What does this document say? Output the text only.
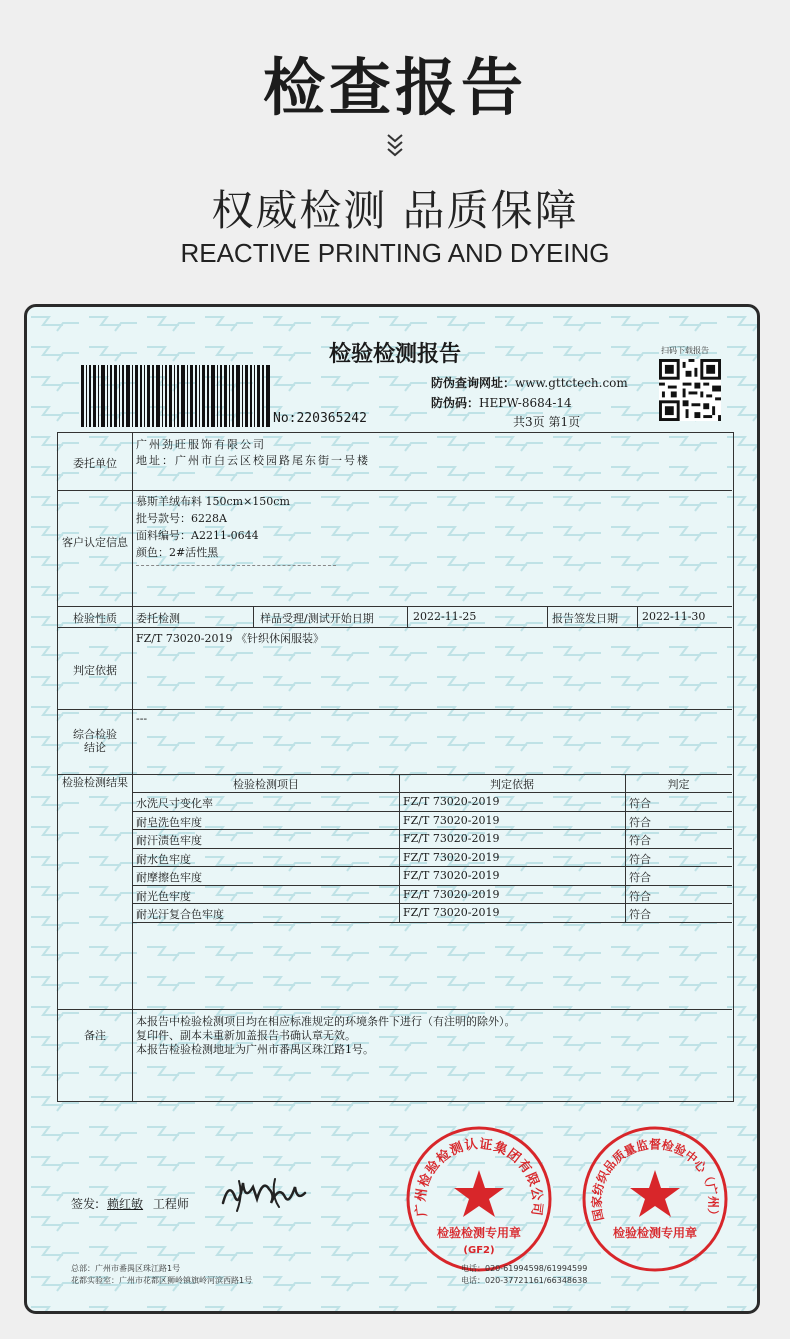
检查报告
权威检测 品质保障
REACTIVE PRINTING AND DYEING
检验检测报告
No:220365242
防伪查询网址：www.gttctech.com
防伪码：HEPW-8684-14
共3页 第1页
扫码下载报告
委托单位
广州劲旺服饰有限公司
地址：广州市白云区校园路尾东街一号楼
客户认定信息
慕斯羊绒布料 150cm×150cm
批号款号：6228A
面料编号：A2211-0644
颜色：2#活性黑
检验性质	委托检测	样品受理/测试开始日期	2022-11-25	报告签发日期 2022-11-30
判定依据
FZ/T 73020-2019 《针织休闲服装》
综合检验结论
---
检验检测结果	检验检测项目	判定依据	判定
水洗尺寸变化率	FZ/T 73020-2019	符合
耐皂洗色牢度	FZ/T 73020-2019	符合
耐汗渍色牢度	FZ/T 73020-2019	符合
耐水色牢度	FZ/T 73020-2019	符合
耐摩擦色牢度	FZ/T 73020-2019	符合
耐光色牢度	FZ/T 73020-2019	符合
耐光汗复合色牢度	FZ/T 73020-2019	符合
备注
本报告中检验检测项目均在相应标准规定的环境条件下进行（有注明的除外）。
复印件、副本未重新加盖报告书确认章无效。
本报告检验检测地址为广州市番禺区珠江路1号。
签发: 赖红敏 工程师	广州检验检测认证集团有限公司
检验检测专用章
(GF2)
国家纺织品质量监督检验中心（广州）
检验检测专用章
总部：广州市番禺区珠江路1号
花都实验室：广州市花都区狮岭镇旗岭河滨西路1号
电话：020-61994598/61994599
电话：020-37721161/66348638
